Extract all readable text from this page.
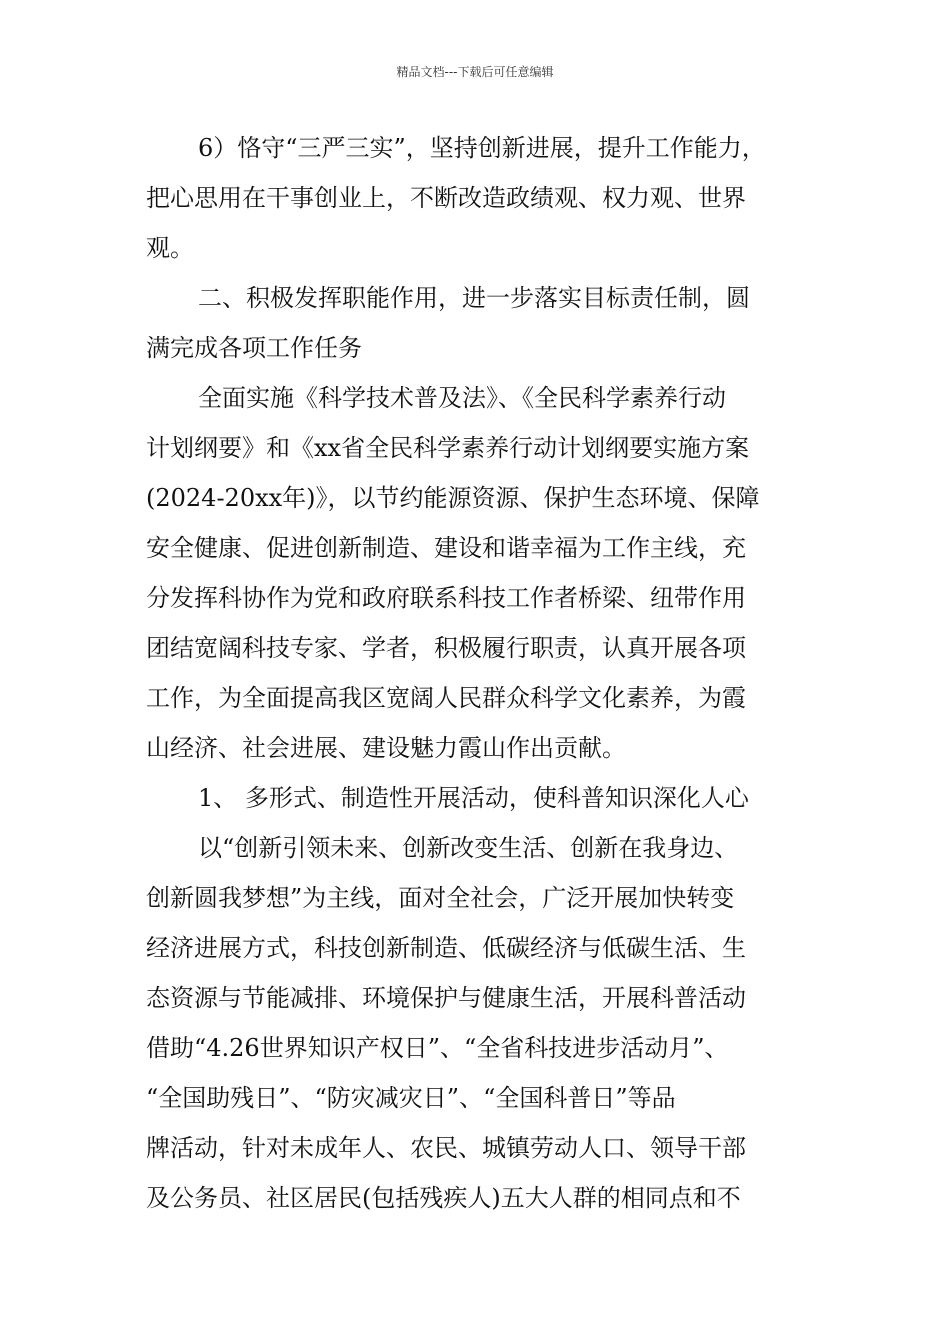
精品文档---下载后可任意编辑
6）恪守“三严三实”，坚持创新进展，提升工作能力，
把心思用在干事创业上，不断改造政绩观、权力观、世界
观。
二、积极发挥职能作用，进一步落实目标责任制，圆
满完成各项工作任务
全面实施《科学技术普及法》、《全民科学素养行动
计划纲要》和《xx省全民科学素养行动计划纲要实施方案
(2024-20xx年)》，以节约能源资源、保护生态环境、保障
安全健康、促进创新制造、建设和谐幸福为工作主线，充
分发挥科协作为党和政府联系科技工作者桥梁、纽带作用
团结宽阔科技专家、学者，积极履行职责，认真开展各项
工作，为全面提高我区宽阔人民群众科学文化素养，为霞
山经济、社会进展、建设魅力霞山作出贡献。
1、 多形式、制造性开展活动，使科普知识深化人心
以“创新引领未来、创新改变生活、创新在我身边、
创新圆我梦想”为主线，面对全社会，广泛开展加快转变
经济进展方式，科技创新制造、低碳经济与低碳生活、生
态资源与节能减排、环境保护与健康生活，开展科普活动
借助“4.26世界知识产权日”、“全省科技进步活动月”、
“全国助残日”、“防灾减灾日”、“全国科普日”等品
牌活动，针对未成年人、农民、城镇劳动人口、领导干部
及公务员、社区居民(包括残疾人)五大人群的相同点和不
